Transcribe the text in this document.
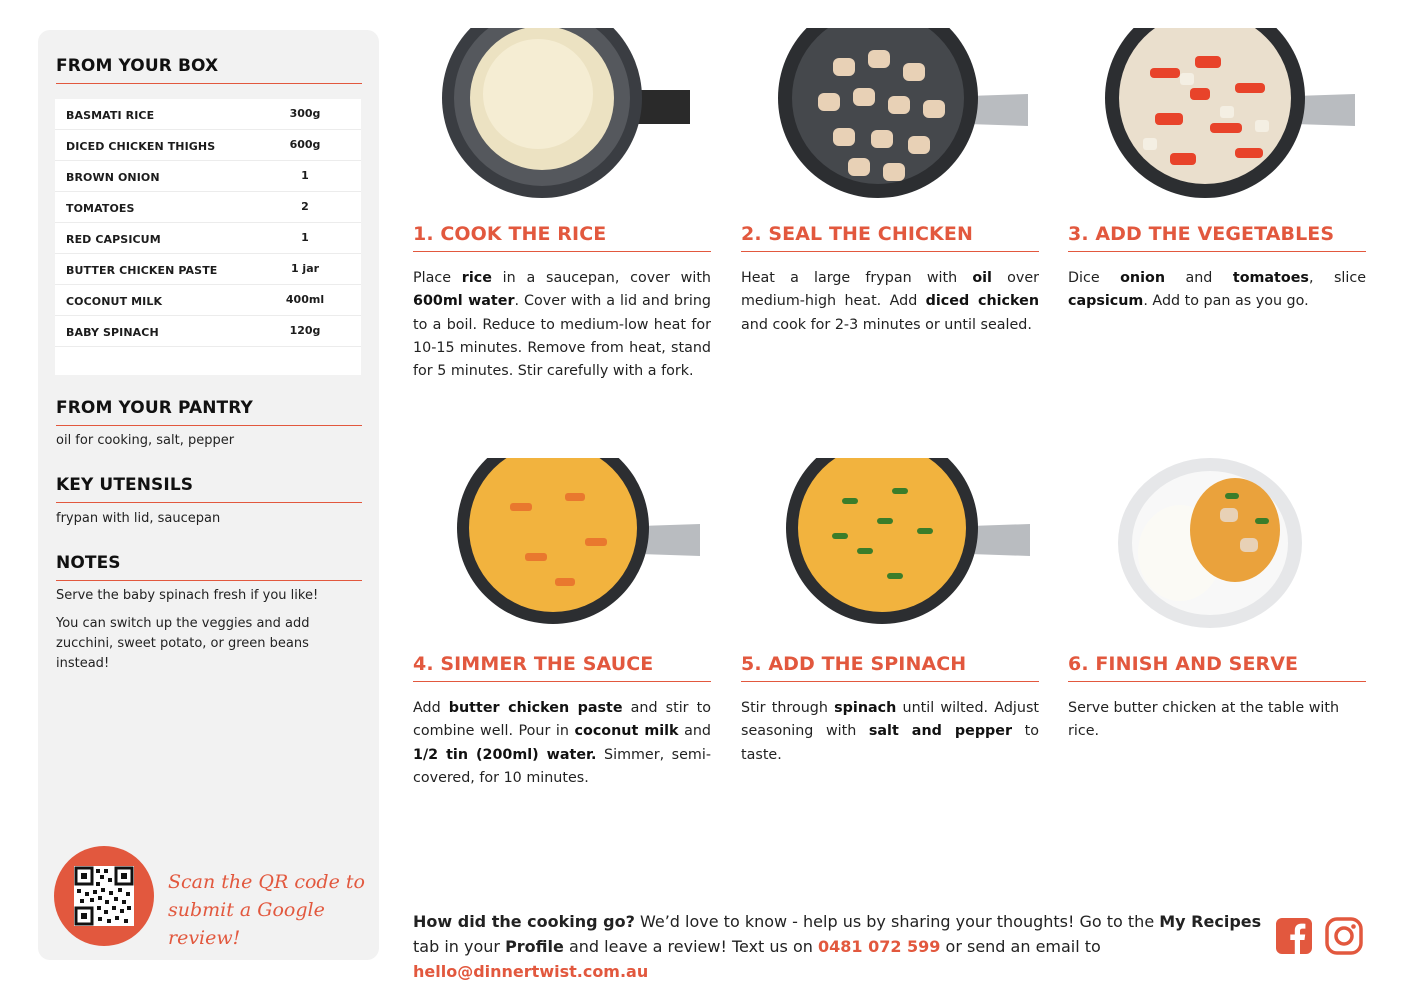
FROM YOUR BOX
BASMATI RICE	300g
DICED CHICKEN THIGHS	600g
BROWN ONION	1
TOMATOES	2
RED CAPSICUM	1
BUTTER CHICKEN PASTE	1 jar
COCONUT MILK	400ml
BABY SPINACH	120g
FROM YOUR PANTRY
oil for cooking, salt, pepper
KEY UTENSILS
frypan with lid, saucepan
NOTES
Serve the baby spinach fresh if you like!
You can switch up the veggies and add zucchini, sweet potato, or green beans instead!
Scan the QR code to
submit a Google review!
1. COOK THE RICE	2. SEAL THE CHICKEN	3. ADD THE VEGETABLES
4. SIMMER THE SAUCE	5. ADD THE SPINACH	6. FINISH AND SERVE
Place rice in a saucepan, cover with 600ml water. Cover with a lid and bring to a boil. Reduce to medium-low heat for 10-15 minutes. Remove from heat, stand for 5 minutes. Stir carefully with a fork.
Heat a large frypan with oil over medium-high heat. Add diced chicken and cook for 2-3 minutes or until sealed.
Dice onion and tomatoes, slice capsicum. Add to pan as you go.
Add butter chicken paste and stir to combine well. Pour in coconut milk and 1/2 tin (200ml) water. Simmer, semi-covered, for 10 minutes.
Stir through spinach until wilted. Adjust seasoning with salt and pepper to taste.
Serve butter chicken at the table with rice.
How did the cooking go? We’d love to know - help us by sharing your thoughts! Go to the My Recipes tab in your Profile and leave a review! Text us on 0481 072 599 or send an email to hello@dinnertwist.com.au
